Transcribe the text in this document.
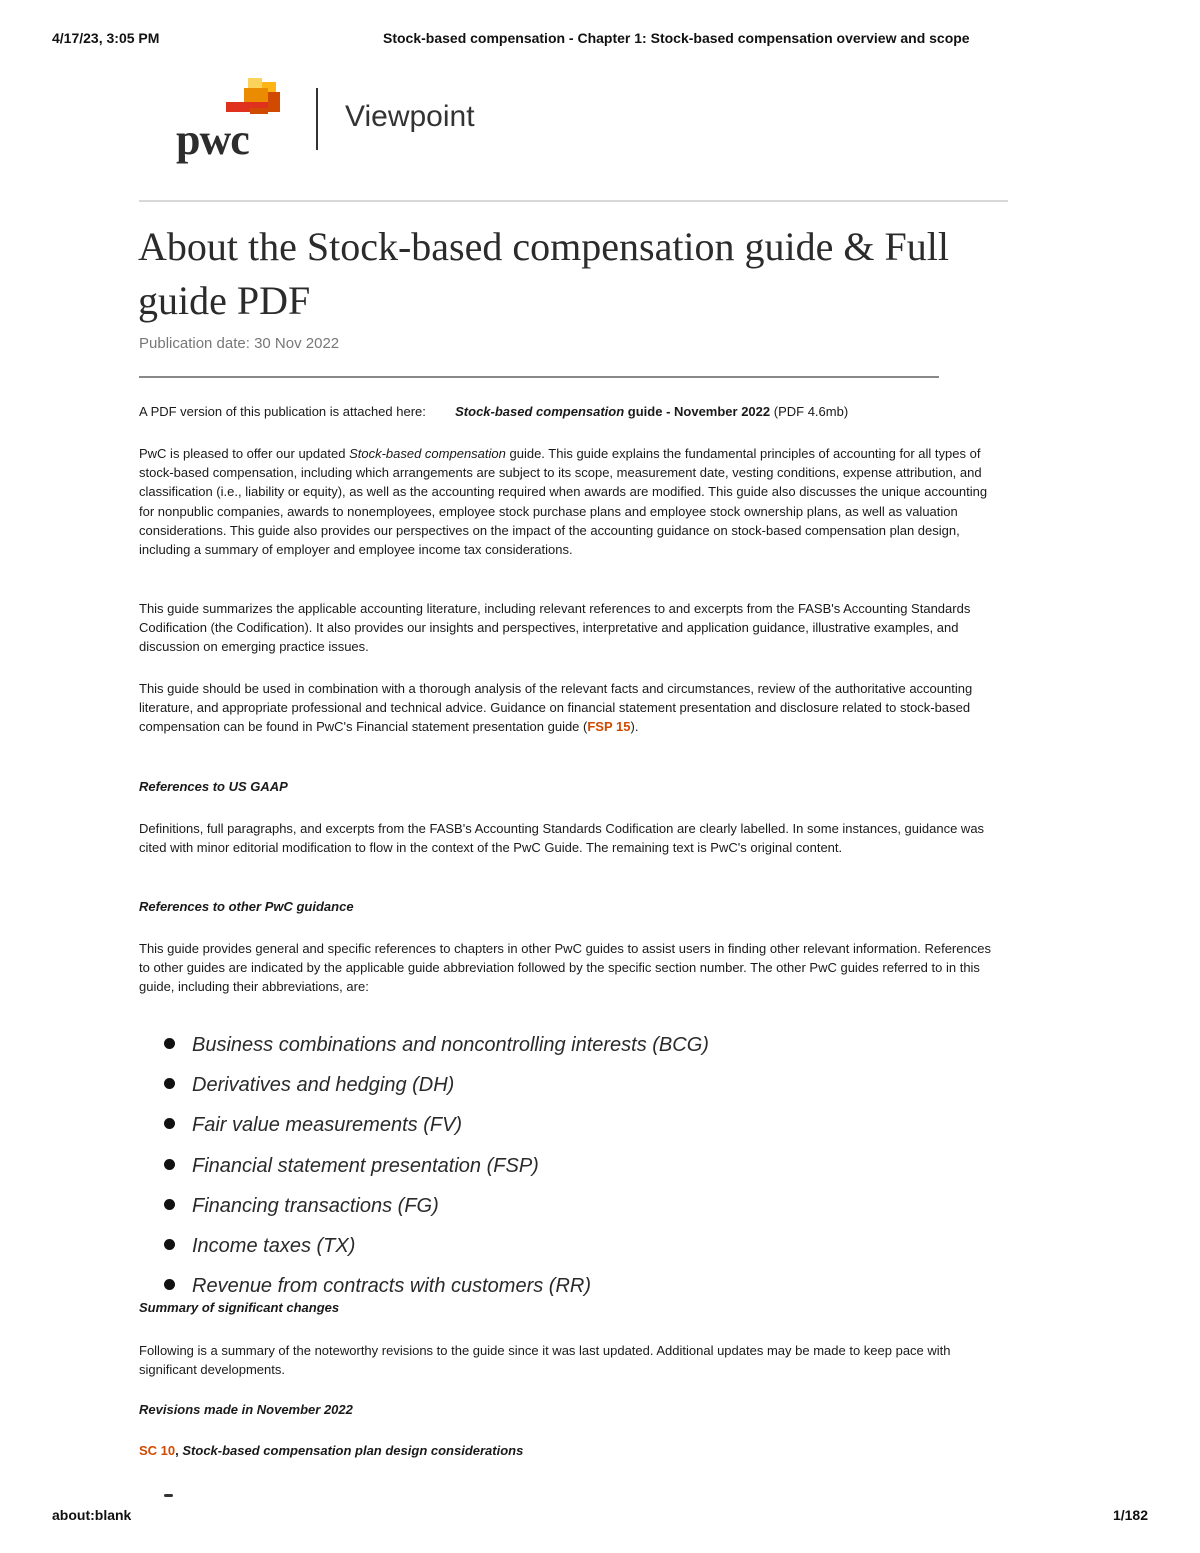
4/17/23, 3:05 PM	Stock-based compensation - Chapter 1: Stock-based compensation overview and scope
pwc	Viewpoint
About the Stock-based compensation guide & Full guide PDF
Publication date: 30 Nov 2022

A PDF version of this publication is attached here: Stock-based compensation guide - November 2022 (PDF 4.6mb)

PwC is pleased to offer our updated Stock-based compensation guide. This guide explains the fundamental principles of accounting for all types of stock-based compensation, including which arrangements are subject to its scope, measurement date, vesting conditions, expense attribution, and classification (i.e., liability or equity), as well as the accounting required when awards are modified. This guide also discusses the unique accounting for nonpublic companies, awards to nonemployees, employee stock purchase plans and employee stock ownership plans, as well as valuation considerations. This guide also provides our perspectives on the impact of the accounting guidance on stock-based compensation plan design, including a summary of employer and employee income tax considerations.

This guide summarizes the applicable accounting literature, including relevant references to and excerpts from the FASB's Accounting Standards Codification (the Codification). It also provides our insights and perspectives, interpretative and application guidance, illustrative examples, and discussion on emerging practice issues.

This guide should be used in combination with a thorough analysis of the relevant facts and circumstances, review of the authoritative accounting literature, and appropriate professional and technical advice. Guidance on financial statement presentation and disclosure related to stock-based compensation can be found in PwC's Financial statement presentation guide (FSP 15).

References to US GAAP

Definitions, full paragraphs, and excerpts from the FASB's Accounting Standards Codification are clearly labelled. In some instances, guidance was cited with minor editorial modification to flow in the context of the PwC Guide. The remaining text is PwC's original content.

References to other PwC guidance

This guide provides general and specific references to chapters in other PwC guides to assist users in finding other relevant information. References to other guides are indicated by the applicable guide abbreviation followed by the specific section number. The other PwC guides referred to in this guide, including their abbreviations, are:

Business combinations and noncontrolling interests (BCG)
Derivatives and hedging (DH)
Fair value measurements (FV)
Financial statement presentation (FSP)
Financing transactions (FG)
Income taxes (TX)
Revenue from contracts with customers (RR)
Summary of significant changes

Following is a summary of the noteworthy revisions to the guide since it was last updated. Additional updates may be made to keep pace with significant developments.

Revisions made in November 2022
SC 10, Stock-based compensation plan design considerations
about:blank	1/182
